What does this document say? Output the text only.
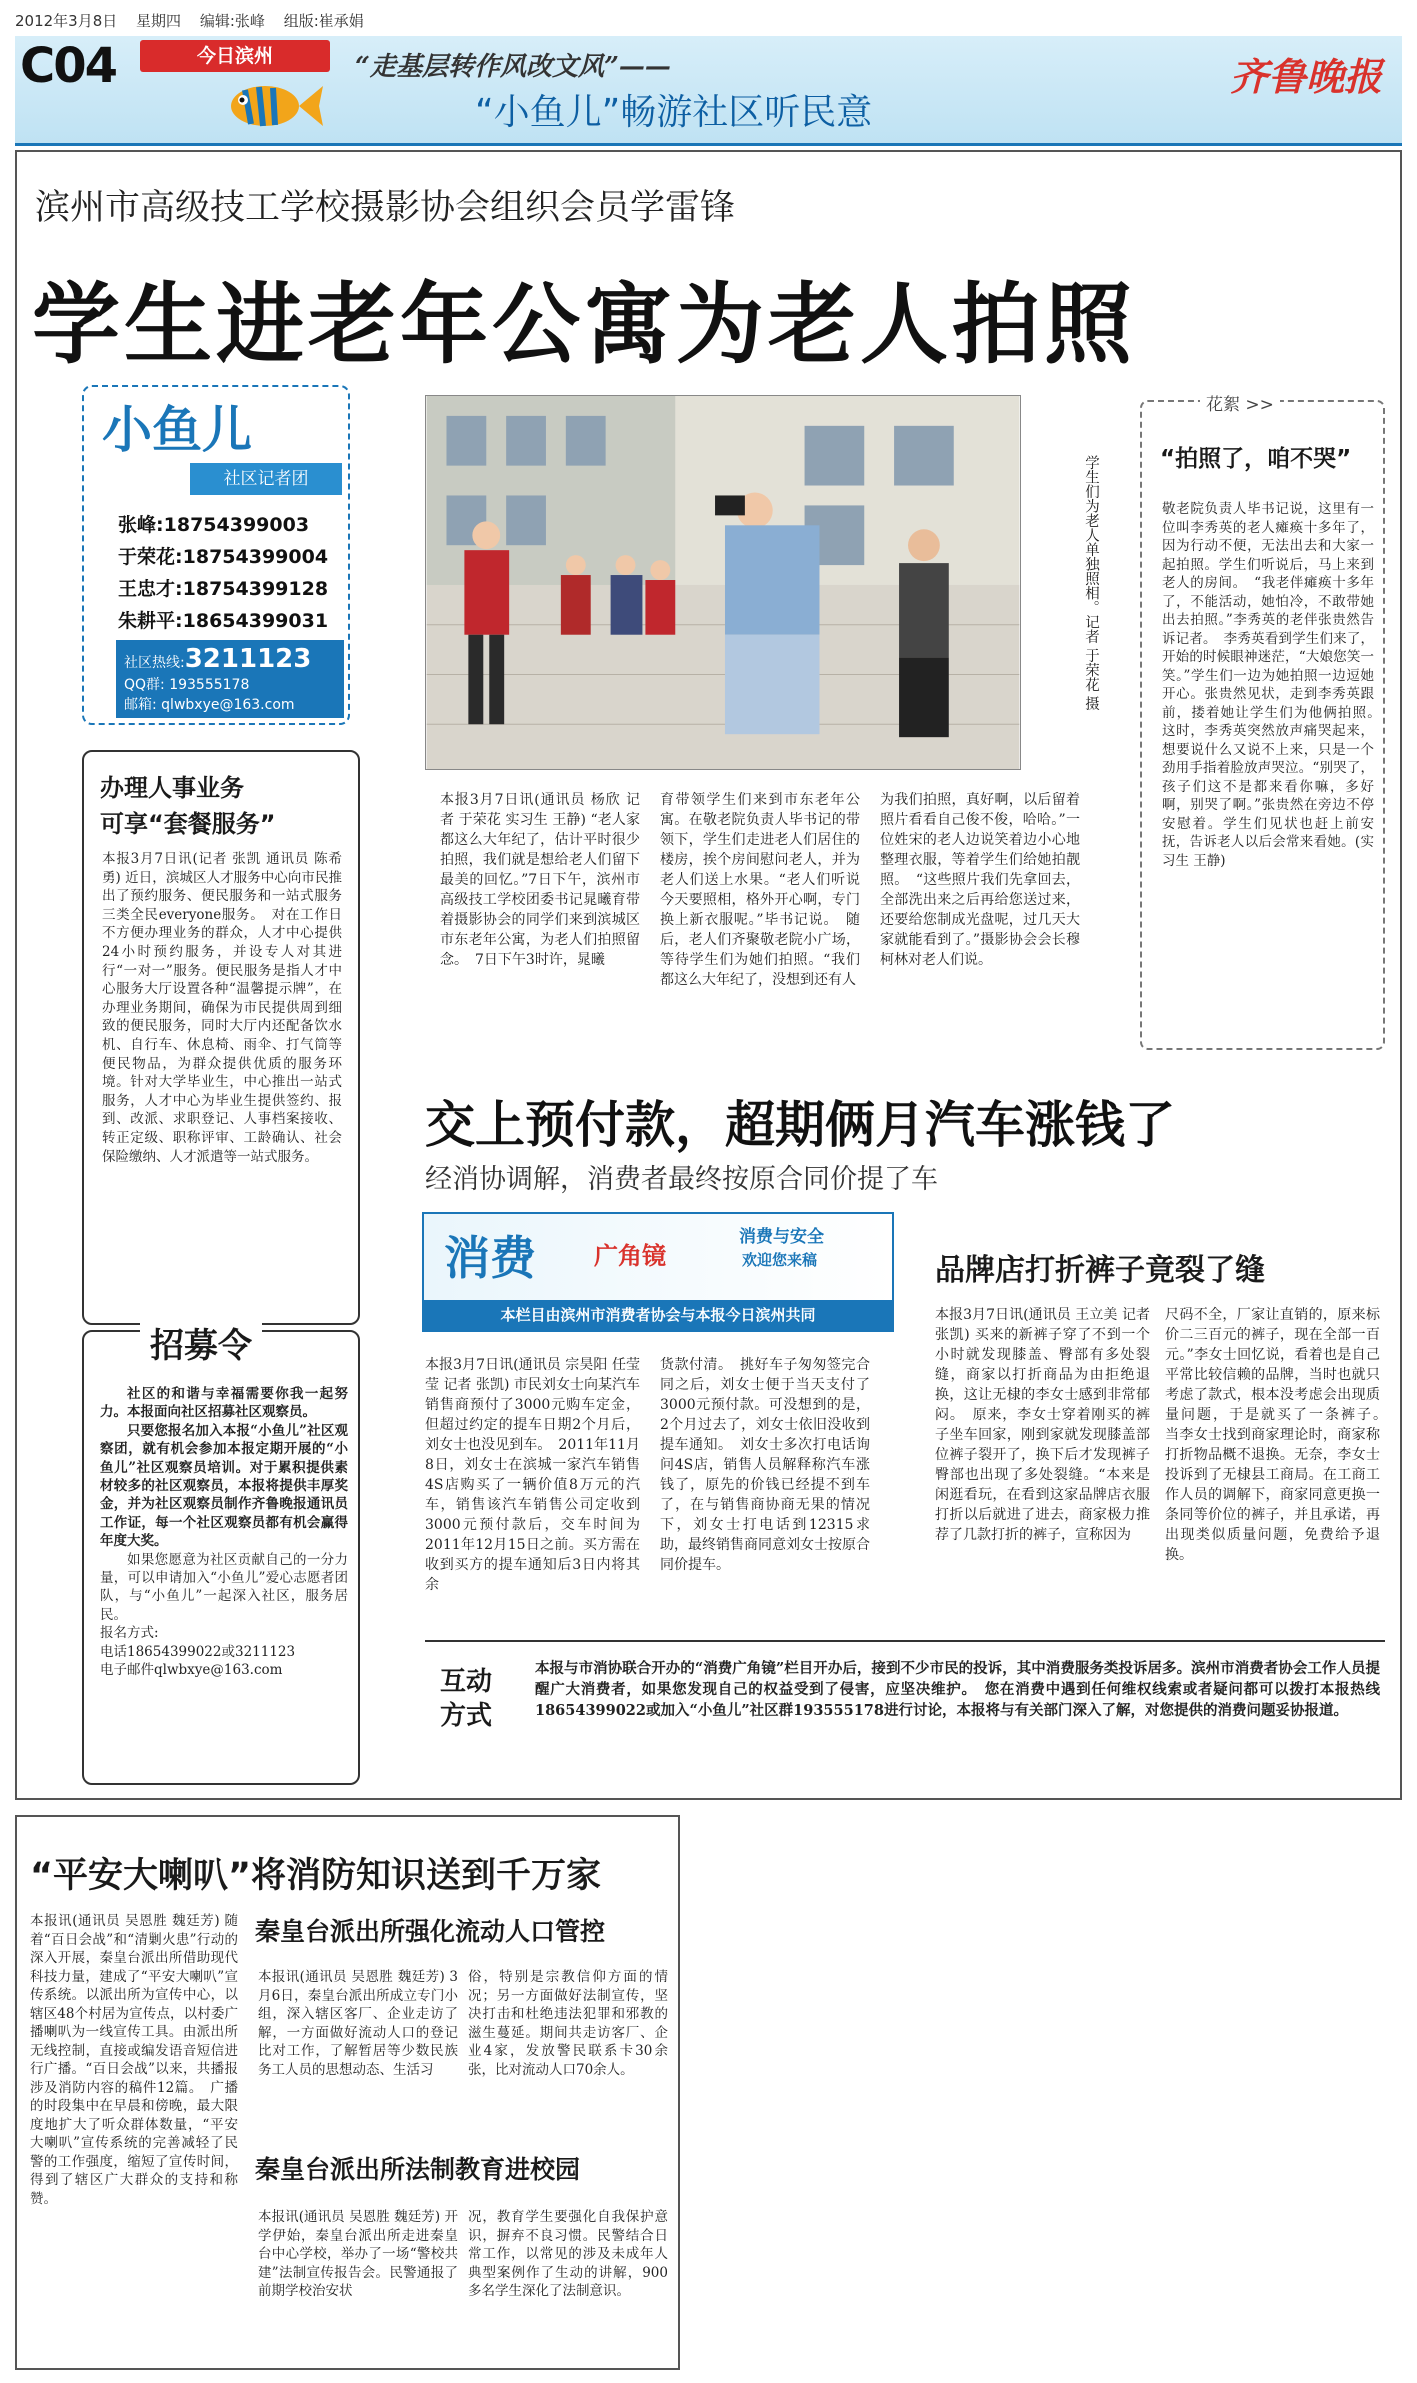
2012年3月8日 星期四 编辑:张峰 组版:崔承娟
C04	今日滨州	“走基层转作风改文风”——
“小鱼儿”畅游社区听民意
齐鲁晚报
滨州市高级技工学校摄影协会组织会员学雷锋
学生进老年公寓为老人拍照
小鱼儿
社区记者团
张峰:18754399003
于荣花:18754399004
王忠才:18754399128
朱耕平:18654399031
社区热线:3211123
QQ群: 193555178
邮箱: qlwbxye@163.com
办理人事业务
可享“套餐服务”
本报3月7日讯(记者 张凯 通讯员 陈希勇) 近日，滨城区人才服务中心向市民推出了预约服务、便民服务和一站式服务三类全民everyone服务。　对在工作日不方便办理业务的群众，人才中心提供24小时预约服务，并设专人对其进行“一对一”服务。便民服务是指人才中心服务大厅设置各种“温馨提示牌”，在办理业务期间，确保为市民提供周到细致的便民服务，同时大厅内还配备饮水机、自行车、休息椅、雨伞、打气筒等便民物品，为群众提供优质的服务环境。针对大学毕业生，中心推出一站式服务，人才中心为毕业生提供签约、报到、改派、求职登记、人事档案接收、转正定级、职称评审、工龄确认、社会保险缴纳、人才派遣等一站式服务。
招募令

社区的和谐与幸福需要你我一起努力。本报面向社区招募社区观察员。

只要您报名加入本报“小鱼儿”社区观察团，就有机会参加本报定期开展的“小鱼儿”社区观察员培训。对于累积提供素材较多的社区观察员，本报将提供丰厚奖金，并为社区观察员制作齐鲁晚报通讯员工作证，每一个社区观察员都有机会赢得年度大奖。

如果您愿意为社区贡献自己的一分力量，可以申请加入“小鱼儿”爱心志愿者团队，与“小鱼儿”一起深入社区，服务居民。

报名方式:
电话18654399022或3211123
电子邮件qlwbxye@163.com
学生们为老人单独照相。记者 于荣花 摄
本报3月7日讯(通讯员 杨欣 记者 于荣花 实习生 王静) “老人家都这么大年纪了，估计平时很少拍照，我们就是想给老人们留下最美的回忆。”7日下午，滨州市高级技工学校团委书记晁曦育带着摄影协会的同学们来到滨城区市东老年公寓，为老人们拍照留念。　7日下午3时许，晁曦
育带领学生们来到市东老年公寓。在敬老院负责人毕书记的带领下，学生们走进老人们居住的楼房，挨个房间慰问老人，并为老人们送上水果。“老人们听说今天要照相，格外开心啊，专门换上新衣服呢。”毕书记说。　随后，老人们齐聚敬老院小广场，等待学生们为她们拍照。“我们都这么大年纪了，没想到还有人
为我们拍照，真好啊，以后留着照片看看自己俊不俊，哈哈。”一位姓宋的老人边说笑着边小心地整理衣服，等着学生们给她拍靓照。　“这些照片我们先拿回去，全部洗出来之后再给您送过来，还要给您制成光盘呢，过几天大家就能看到了。”摄影协会会长穆柯林对老人们说。
花絮 >>
“拍照了，咱不哭”
敬老院负责人毕书记说，这里有一位叫李秀英的老人瘫痪十多年了，因为行动不便，无法出去和大家一起拍照。学生们听说后，马上来到老人的房间。　“我老伴瘫痪十多年了，不能活动，她怕冷，不敢带她出去拍照。”李秀英的老伴张贵然告诉记者。　李秀英看到学生们来了，开始的时候眼神迷茫，“大娘您笑一笑。”学生们一边为她拍照一边逗她开心。张贵然见状，走到李秀英跟前，搂着她让学生们为他俩拍照。　这时，李秀英突然放声痛哭起来，想要说什么又说不上来，只是一个劲用手指着脸放声哭泣。“别哭了，孩子们这不是都来看你嘛，多好啊，别哭了啊。”张贵然在旁边不停安慰着。学生们见状也赶上前安抚，告诉老人以后会常来看她。(实习生 王静)
交上预付款，超期俩月汽车涨钱了
经消协调解，消费者最终按原合同价提了车
消费 广角镜
消费与安全
欢迎您来稿
本栏目由滨州市消费者协会与本报今日滨州共同
品牌店打折裤子竟裂了缝
本报3月7日讯(通讯员 宗昊阳 任莹莹 记者 张凯) 市民刘女士向某汽车销售商预付了3000元购车定金，但超过约定的提车日期2个月后，刘女士也没见到车。　2011年11月8日，刘女士在滨城一家汽车销售4S店购买了一辆价值8万元的汽车，销售该汽车销售公司定收到3000元预付款后，交车时间为2011年12月15日之前。买方需在收到买方的提车通知后3日内将其余
货款付清。　挑好车子匆匆签完合同之后，刘女士便于当天支付了3000元预付款。可没想到的是，2个月过去了，刘女士依旧没收到提车通知。　刘女士多次打电话询问4S店，销售人员解释称汽车涨钱了，原先的价钱已经提不到车了，在与销售商协商无果的情况下，刘女士打电话到12315求助，最终销售商同意刘女士按原合同价提车。
本报3月7日讯(通讯员 王立美 记者 张凯) 买来的新裤子穿了不到一个小时就发现膝盖、臀部有多处裂缝，商家以打折商品为由拒绝退换，这让无棣的李女士感到非常郁闷。　原来，李女士穿着刚买的裤子坐车回家，刚到家就发现膝盖部位裤子裂开了，换下后才发现裤子臀部也出现了多处裂缝。“本来是闲逛看玩，在看到这家品牌店衣服打折以后就进了进去，商家极力推荐了几款打折的裤子，宣称因为
尺码不全，厂家让直销的，原来标价二三百元的裤子，现在全部一百元。”李女士回忆说，看着也是自己平常比较信赖的品牌，当时也就只考虑了款式，根本没考虑会出现质量问题，于是就买了一条裤子。　当李女士找到商家理论时，商家称打折物品概不退换。无奈，李女士投诉到了无棣县工商局。在工商工作人员的调解下，商家同意更换一条同等价位的裤子，并且承诺，再出现类似质量问题，免费给予退换。
互动方式
本报与市消协联合开办的“消费广角镜”栏目开办后，接到不少市民的投诉，其中消费服务类投诉居多。滨州市消费者协会工作人员提醒广大消费者，如果您发现自己的权益受到了侵害，应坚决维护。　您在消费中遇到任何维权线索或者疑问都可以拨打本报热线18654399022或加入“小鱼儿”社区群193555178进行讨论，本报将与有关部门深入了解，对您提供的消费问题妥协报道。
“平安大喇叭”将消防知识送到千万家
本报讯(通讯员 吴恩胜 魏廷芳) 随着“百日会战”和“清剿火患”行动的深入开展，秦皇台派出所借助现代科技力量，建成了“平安大喇叭”宣传系统。以派出所为宣传中心，以辖区48个村居为宣传点，以村委广播喇叭为一线宣传工具。由派出所无线控制，直接或编发语音短信进行广播。“百日会战”以来，共播报涉及消防内容的稿件12篇。　广播的时段集中在早晨和傍晚，最大限度地扩大了听众群体数量，“平安大喇叭”宣传系统的完善减轻了民警的工作强度，缩短了宣传时间，得到了辖区广大群众的支持和称赞。
秦皇台派出所强化流动人口管控
本报讯(通讯员 吴恩胜 魏廷芳) 3月6日，秦皇台派出所成立专门小组，深入辖区客厂、企业走访了解，一方面做好流动人口的登记比对工作，了解暂居等少数民族务工人员的思想动态、生活习
俗，特别是宗教信仰方面的情况；另一方面做好法制宣传，坚决打击和杜绝违法犯罪和邪教的滋生蔓延。期间共走访客厂、企业4家，发放警民联系卡30余张，比对流动人口70余人。
秦皇台派出所法制教育进校园
本报讯(通讯员 吴恩胜 魏廷芳) 开学伊始，秦皇台派出所走进秦皇台中心学校，举办了一场“警校共建”法制宣传报告会。民警通报了前期学校治安状
况，教育学生要强化自我保护意识，摒弃不良习惯。民警结合日常工作，以常见的涉及未成年人典型案例作了生动的讲解，900多名学生深化了法制意识。
